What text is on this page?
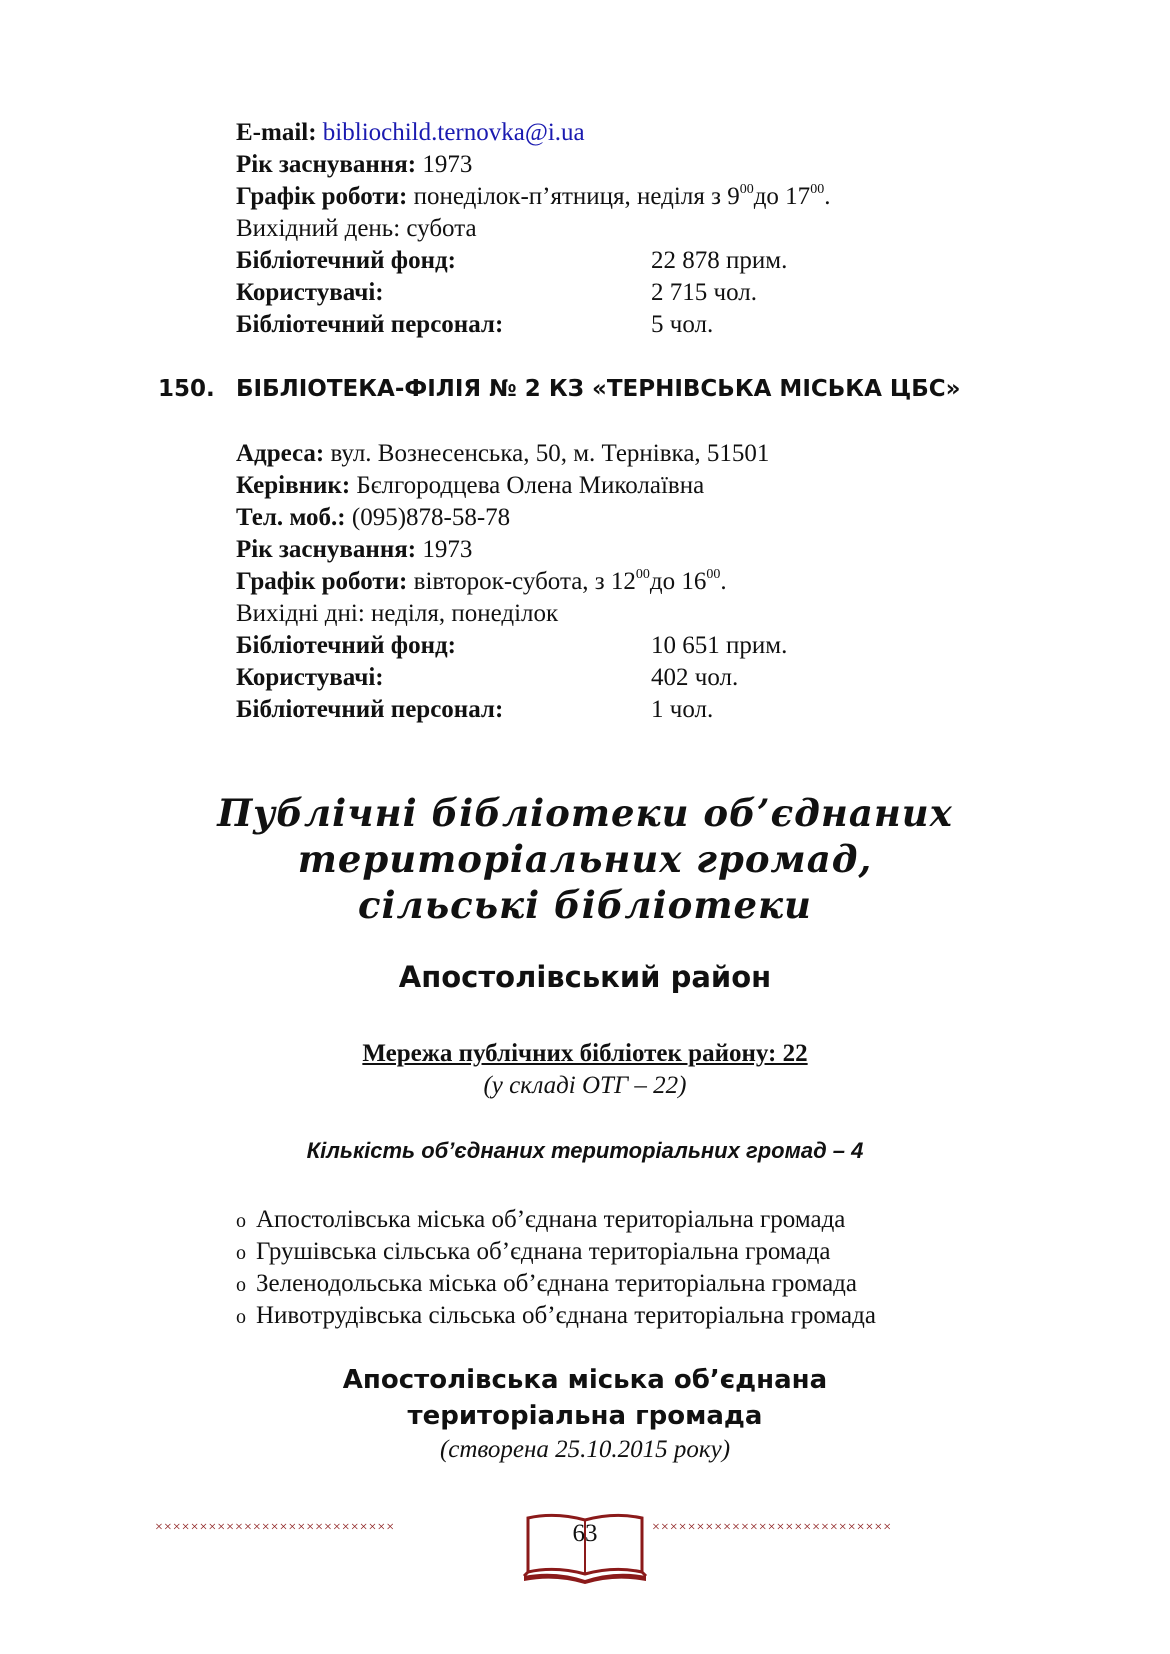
E-mail: bibliochild.ternovka@i.ua
Рік заснування: 1973
Графік роботи: понеділок-п’ятниця, неділя з $9^{00}до$ $17^{00}$.
Вихідний день: субота
Бібліотечний фонд:	22 878 прим.
Користувачі:	2 715 чол.
Бібліотечний персонал:	5 чол.
150. БІБЛІОТЕКА-ФІЛІЯ № 2 КЗ «ТЕРНІВСЬКА МІСЬКА ЦБС»
Адреса: вул. Вознесенська, 50, м. Тернівка, 51501
Керівник: Бєлгородцева Олена Миколаївна
Тел. моб.: (095)878-58-78
Рік заснування: 1973
Графік роботи: вівторок-субота, з $12^{00}до$ $16^{00}$.
Вихідні дні: неділя, понеділок
Бібліотечний фонд:	10 651 прим.
Користувачі:	402 чол.
Бібліотечний персонал:	1 чол.
Публічні бібліотеки об’єднаних
територіальних громад,
сільські бібліотеки
Апостолівський район
Мережа публічних бібліотек району: 22
(у складі ОТГ – 22)
Кількість об’єднаних територіальних громад – 4
o Апостолівська міська об’єднана територіальна громада
o Грушівська сільська об’єднана територіальна громада
o Зеленодольська міська об’єднана територіальна громада
o Нивотрудівська сільська об’єднана територіальна громада
Апостолівська міська об’єднана
територіальна громада
(створена 25.10.2015 року)
×××××××××××××××××××××××××××	×××××××××××××××××××××××××××
63
